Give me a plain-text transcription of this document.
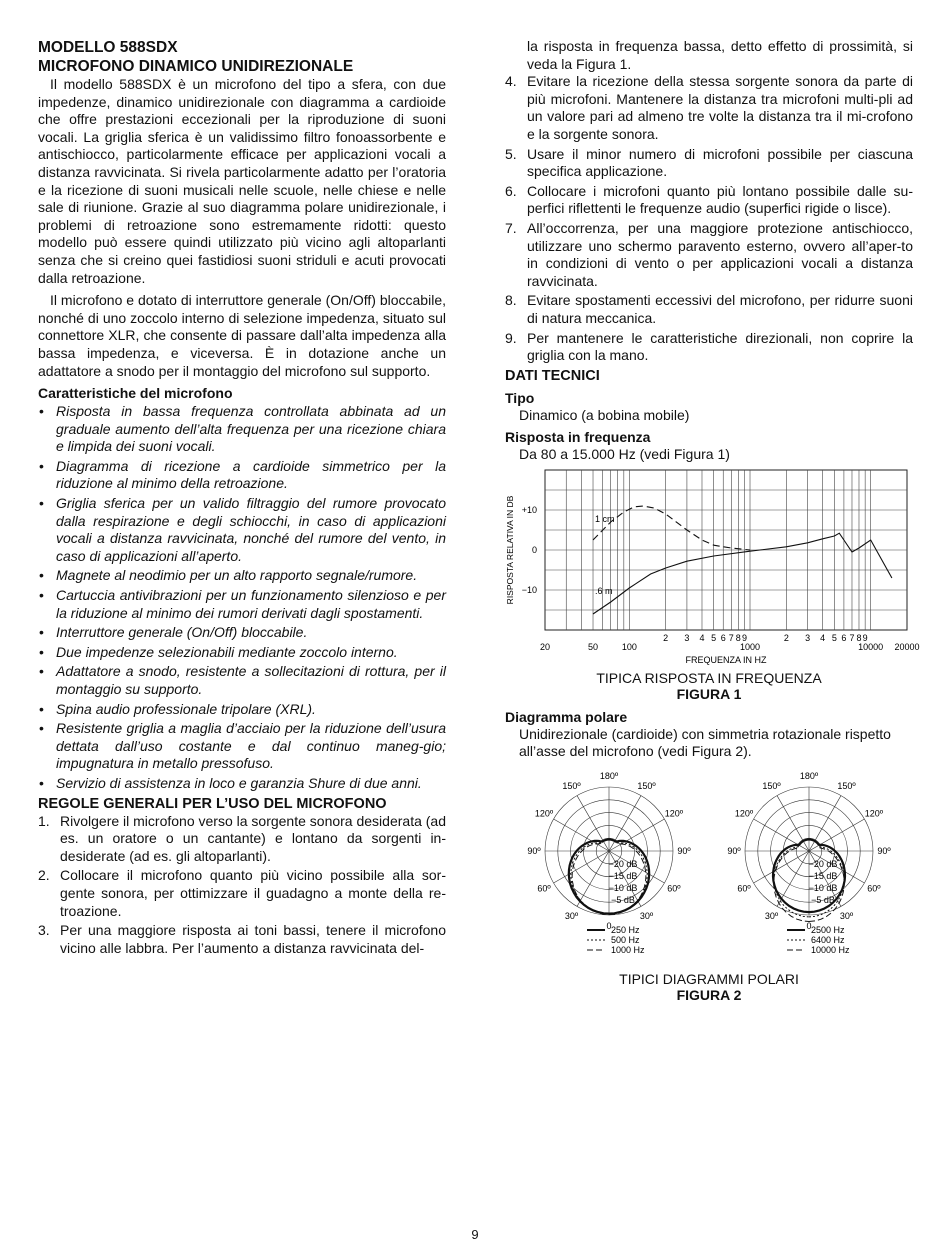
MODELLO 588SDX
MICROFONO DINAMICO UNIDIREZIONALE

Il modello 588SDX è un microfono del tipo a sfera, con due impedenze, dinamico unidirezionale con diagramma a cardioide che offre prestazioni eccezionali per la riproduzione di suoni vocali. La griglia sferica è un validissimo filtro fonoassorbente e antischiocco, particolarmente efficace per applicazioni vocali a distanza ravvicinata. Si rivela particolarmente adatto per l’oratoria e la ricezione di suoni musicali nelle scuole, nelle chiese e nelle sale di riunione. Grazie al suo diagramma polare unidirezionale, i problemi di retroazione sono estremamente ridotti: questo modello può essere quindi utilizzato più vicino agli altoparlanti senza che si creino quei fastidiosi suoni striduli e acuti provocati dalla retroazione.

Il microfono e dotato di interruttore generale (On/Off) bloccabile, nonché di uno zoccolo interno di selezione impedenza, situato sul connettore XLR, che consente di passare dall’alta impedenza alla bassa impedenza, e viceversa. È in dotazione anche un adattatore a snodo per il montaggio del microfono sul supporto.

Caratteristiche del microfono
• Risposta in bassa frequenza controllata abbinata ad un graduale aumento dell’alta frequenza per una ricezione chiara e limpida dei suoni vocali.
• Diagramma di ricezione a cardioide simmetrico per la riduzione al minimo della retroazione.
• Griglia sferica per un valido filtraggio del rumore provocato dalla respirazione e degli schiocchi, in caso di applicazioni vocali a distanza ravvicinata, nonché del rumore del vento, in caso di applicazioni all’aperto.
• Magnete al neodimio per un alto rapporto segnale/rumore.
• Cartuccia antivibrazioni per un funzionamento silenzioso e per la riduzione al minimo dei rumori derivati dagli spostamenti.
• Interruttore generale (On/Off) bloccabile.
• Due impedenze selezionabili mediante zoccolo interno.
• Adattatore a snodo, resistente a sollecitazioni di rottura, per il montaggio su supporto.
• Spina audio professionale tripolare (XRL).
• Resistente griglia a maglia d’acciaio per la riduzione dell’usura dettata dall’uso costante e dal continuo maneg-gio; impugnatura in metallo pressofuso.
• Servizio di assistenza in loco e garanzia Shure di due anni.
REGOLE GENERALI PER L’USO DEL MICROFONO
1. Rivolgere il microfono verso la sorgente sonora desiderata (ad es. un oratore o un cantante) e lontano da sorgenti in-desiderate (ad es. gli altoparlanti).
2. Collocare il microfono quanto più vicino possibile alla sor-gente sonora, per ottimizzare il guadagno a monte della re-troazione.
3. Per una maggiore risposta ai toni bassi, tenere il microfono vicino alle labbra. Per l’aumento a distanza ravvicinata del-
la risposta in frequenza bassa, detto effetto di prossimità, si veda la Figura 1.
4. Evitare la ricezione della stessa sorgente sonora da parte di più microfoni. Mantenere la distanza tra microfoni multi-pli ad un valore pari ad almeno tre volte la distanza tra il mi-crofono e la sorgente sonora.
5. Usare il minor numero di microfoni possibile per ciascuna specifica applicazione.
6. Collocare i microfoni quanto più lontano possibile dalle su-perfici riflettenti le frequenze audio (superfici rigide o lisce).
7. All’occorrenza, per una maggiore protezione antischiocco, utilizzare uno schermo paravento esterno, ovvero all’aper-to in condizioni di vento o per applicazioni vocali a distanza ravvicinata.
8. Evitare spostamenti eccessivi del microfono, per ridurre suoni di natura meccanica.
9. Per mantenere le caratteristiche direzionali, non coprire la griglia con la mano.
DATI TECNICI
Tipo
Dinamico (a bobina mobile)
Risposta in frequenza
Da 80 a 15.000 Hz (vedi Figura 1)
20	50	100
2 3 4 5 6 7 8 9
1000
2 3 4 5 6 7 8 9
10000 20000
+10
0
−10
FREQUENZA IN HZ
RISPOSTA RELATIVA IN DB	1 cm
.6 m
TIPICA RISPOSTA IN FREQUENZA
FIGURA 1
Diagramma polare
Unidirezionale (cardioide) con simmetria rotazionale rispetto all’asse del microfono (vedi Figura 2).
180º
150º	150º
120º	120º
90º	90º
60º	60º
30º	30º
0
−20 dB
−15 dB
−10 dB
−5 dB
250 Hz
500 Hz
1000 Hz
180º
150º	150º
120º	120º
90º	90º
60º	60º
30º	30º
0
−20 dB
−15 dB
−10 dB
−5 dB
2500 Hz
6400 Hz
10000 Hz
TIPICI DIAGRAMMI POLARI
FIGURA 2
9
